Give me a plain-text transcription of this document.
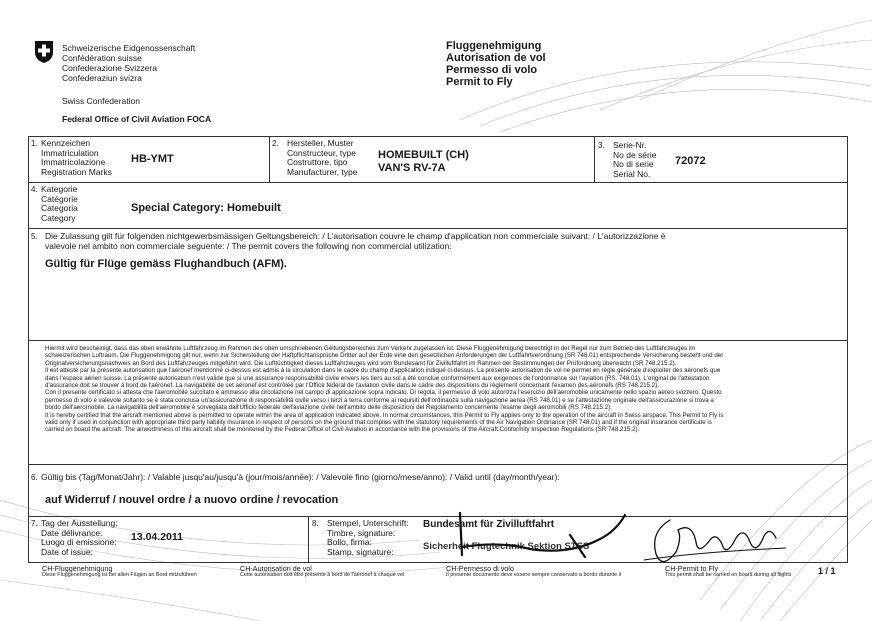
Schweizerische Eidgenossenschaft
Confédération suisse
Confederazione Svizzera
Confederaziun svizra
Swiss Confederation
Federal Office of Civil Aviation FOCA
Fluggenehmigung
Autorisation de vol
Permesso di volo
Permit to Fly
1. Kennzeichen
Immatriculation
Immatricolazione
Registration Marks
HB-YMT
2. Hersteller, Muster
Constructeur, type
Costruttore, tipo
Manufacturer, type
HOMEBUILT (CH)
VAN'S RV-7A
3. Serie-Nr.
No de série
No di serie
Serial No.
72072
4. Kategorie
Catégorie
Categoria
Category
Special Category: Homebuilt
5. Die Zulassung gilt für folgenden nichtgewerbsmässigen Geltungsbereich: / L'autorisation couvre le champ d'application non commerciale suivant: / L'autorizzazione è
valevole nel ambito non commerciale seguente: / The permit covers the following non commercial utilization:
Gültig für Flüge gemäss Flughandbuch (AFM).
Hiermit wird bescheinigt, dass das oben erwähnte Luftfahrzeug im Rahmen des oben umschriebenen Geltungsbereiches zum Verkehr zugelassen ist. Diese Fluggenehmigung berechtigt in der Regel nur zum Betrieb des Luftfahrzeuges im
schweizerischen Luftraum. Die Fluggenehmigung gilt nur, wenn zur Sicherstellung der Haftpflichtansprüche Dritter auf der Erde eine den gesetzlichen Anforderungen der Luftfahrtverordnung (SR 748.01) entsprechende Versicherung besteht und der
Originalversicherungsnachweis an Bord des Luftfahrzeuges mitgeführt wird. Die Lufttüchtigkeit dieses Luftfahrzeuges wird vom Bundesamt für Zivilluftfahrt im Rahmen der Bestimmungen der Prüfordnung überwacht (SR 748.215.2).
Il est attesté par la présente autorisation que l'aéronef mentionné ci-dessus est admis à la circulation dans le cadre du champ d'application indiqué ci-dessus. La présente autorisation de vol ne permet en règle générale d'exploiter des aéronefs que
dans l'espace aérien suisse. La présente autorisation n'est valide que si une assurance responsabilité civile envers les tiers au sol a été conclue conformément aux exigences de l'ordonnance sur l'aviation (RS. 748.01). L'original de l'attestation
d'assurance doit se trouver à bord de l'aéronef. La navigabilité de cet aéronef est contrôlée par l'Office fédéral de l'aviation civile dans le cadre des dispositions du règlement concernant l'examen des aéronefs (RS 748.215.2).
Con il presente certificato si attesta che l'aeromobile succitato è ammesso alla circolazione nel campo di applicazione sopra indicato. Di regola, il permesso di volo autorizza l'esercizio dell'aeromobile unicamente nello spazio aereo svizzero. Questo
permesso di volo è valevole soltanto se è stata conclusa un'assicurazione di responsabilità civile verso i terzi a terra conforme ai requisiti dell'ordinanza sulla navigazione aerea (RS 748.01) e se l'attestazione originale dell'assicurazione si trova a
bordo dell'aeromobile. La navigabilità dell'aeromobile è sorvegliata dall'Ufficio federale dell'aviazione civile nell'ambito delle disposizioni del Regolamento concernente l'esame degli aeromobili (RS 748.215.2).
It is hereby certified that the aircraft mentioned above is permitted to operate within the area of application indicated above. In normal circumstances, this Permit to Fly applies only to the operation of the aircraft in Swiss airspace. This Permit to Fly is
valid only if used in conjunction with appropriate third party liability insurance in respect of persons on the ground that complies with the statutory requirements of the Air Navigation Ordinance (SR 748.01) and if the original insurance certificate is
carried on board the aircraft. The airworthiness of this aircraft shall be monitored by the Federal Office of Civil Aviation in accordance with the provisions of the Aircraft Conformity Inspection Regulations (SR 748.215.2).
6. Gültig bis (Tag/Monat/Jahr): / Valable jusqu'au/jusqu'à (jour/mois/année): / Valevole fino (giorno/mese/anno): / Valid until (day/month/year):
auf Widerruf / nouvel ordre / a nuovo ordine / revocation
7. Tag der Ausstellung:
Date délivrance:
Luogo di emissione:
Date of issue:
13.04.2011
8. Stempel, Unterschrift:
Timbre, signature:
Bollo, firma:
Stamp, signature:
Bundesamt für Zivilluftfahrt
Sicherheit Flugtechnik Sektion STSS
CH-Fluggenehmigung
Diese Fluggenehmigung ist bei allen Flügen an Bord mitzuführen
CH-Autorisation de vol
Cette autorisation doit être présente à bord de l'aéronef à chaque vol
CH-Permesso di volo
Il presente documento deve essere sempre conservato a bordo durante il
CH-Permit to Fly
This permit shall be carried on board during all flights	1 / 1
